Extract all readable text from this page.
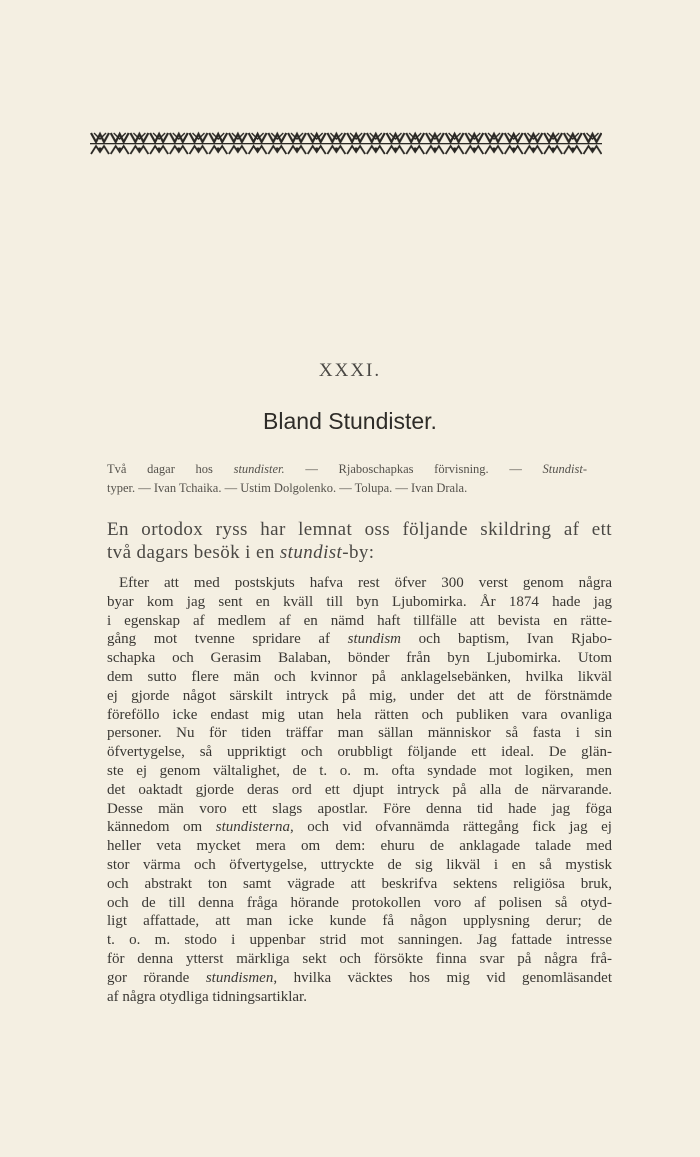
XXXI.
Bland Stundister.
Två dagar hos stundister. — Rjaboschapkas förvisning. — Stundist-
typer. — Ivan Tchaika. — Ustim Dolgolenko. — Tolupa. — Ivan Drala.
En ortodox ryss har lemnat oss följande skildring af ett
två dagars besök i en stundist-by:
Efter att med postskjuts hafva rest öfver 300 verst genom några
byar kom jag sent en kväll till byn Ljubomirka. År 1874 hade jag
i egenskap af medlem af en nämd haft tillfälle att bevista en rätte-
gång mot tvenne spridare af stundism och baptism, Ivan Rjabo-
schapka och Gerasim Balaban, bönder från byn Ljubomirka. Utom
dem sutto flere män och kvinnor på anklagelsebänken, hvilka likväl
ej gjorde något särskilt intryck på mig, under det att de förstnämde
föreföllo icke endast mig utan hela rätten och publiken vara ovanliga
personer. Nu för tiden träffar man sällan människor så fasta i sin
öfvertygelse, så uppriktigt och orubbligt följande ett ideal. De glän-
ste ej genom vältalighet, de t. o. m. ofta syndade mot logiken, men
det oaktadt gjorde deras ord ett djupt intryck på alla de närvarande.
Desse män voro ett slags apostlar. Före denna tid hade jag föga
kännedom om stundisterna, och vid ofvannämda rättegång fick jag ej
heller veta mycket mera om dem: ehuru de anklagade talade med
stor värma och öfvertygelse, uttryckte de sig likväl i en så mystisk
och abstrakt ton samt vägrade att beskrifva sektens religiösa bruk,
och de till denna fråga hörande protokollen voro af polisen så otyd-
ligt affattade, att man icke kunde få någon upplysning derur; de
t. o. m. stodo i uppenbar strid mot sanningen. Jag fattade intresse
för denna ytterst märkliga sekt och försökte finna svar på några frå-
gor rörande stundismen, hvilka väcktes hos mig vid genomläsandet
af några otydliga tidningsartiklar.
